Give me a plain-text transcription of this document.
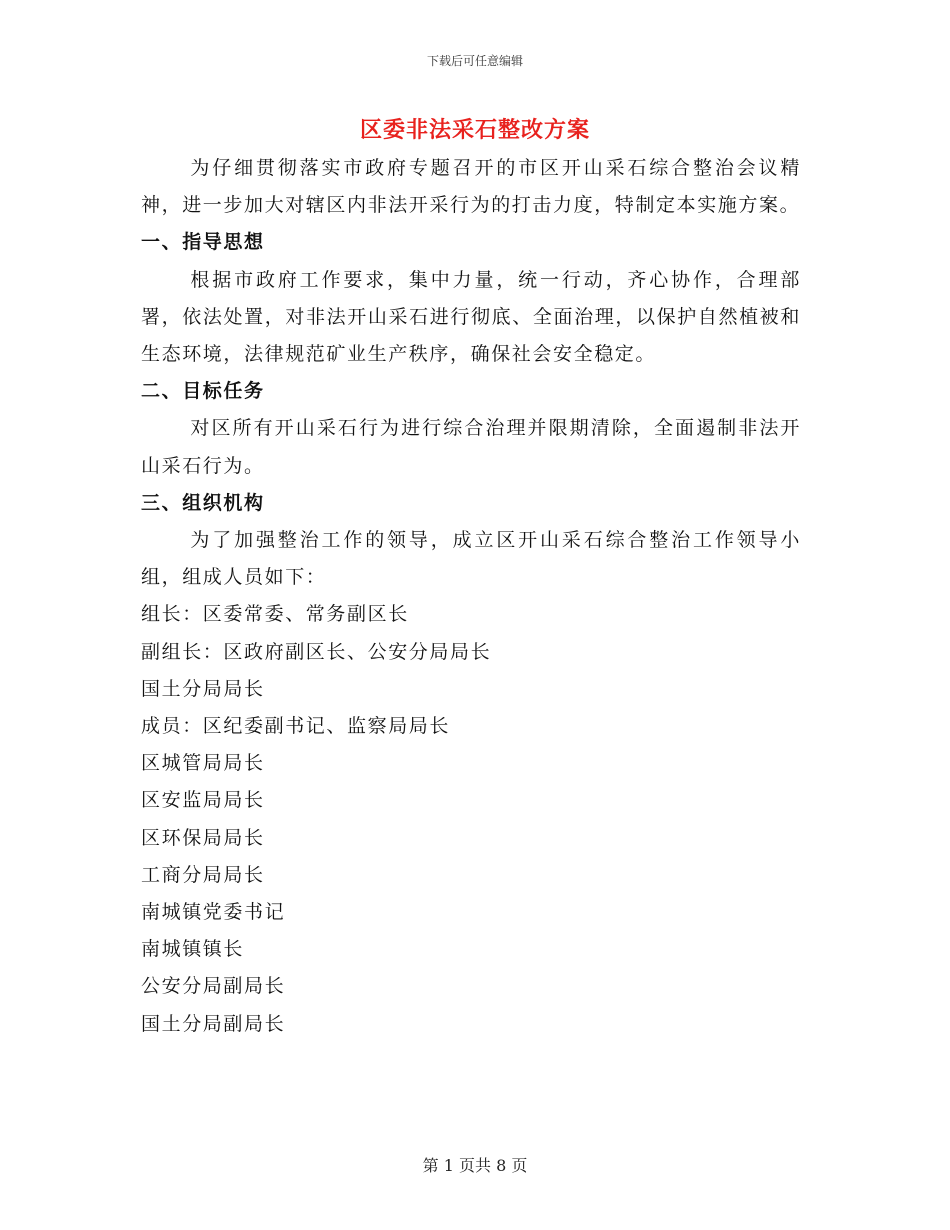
下载后可任意编辑
区委非法采石整改方案

为仔细贯彻落实市政府专题召开的市区开山采石综合整治会议精神，进一步加大对辖区内非法开采行为的打击力度，特制定本实施方案。

一、指导思想

根据市政府工作要求，集中力量，统一行动，齐心协作，合理部署，依法处置，对非法开山采石进行彻底、全面治理，以保护自然植被和生态环境，法律规范矿业生产秩序，确保社会安全稳定。

二、目标任务

对区所有开山采石行为进行综合治理并限期清除，全面遏制非法开山采石行为。

三、组织机构

为了加强整治工作的领导，成立区开山采石综合整治工作领导小组，组成人员如下：

组长：区委常委、常务副区长

副组长：区政府副区长、公安分局局长

国土分局局长

成员：区纪委副书记、监察局局长

区城管局局长

区安监局局长

区环保局局长

工商分局局长

南城镇党委书记

南城镇镇长

公安分局副局长

国土分局副局长

第 1 页共 8 页
